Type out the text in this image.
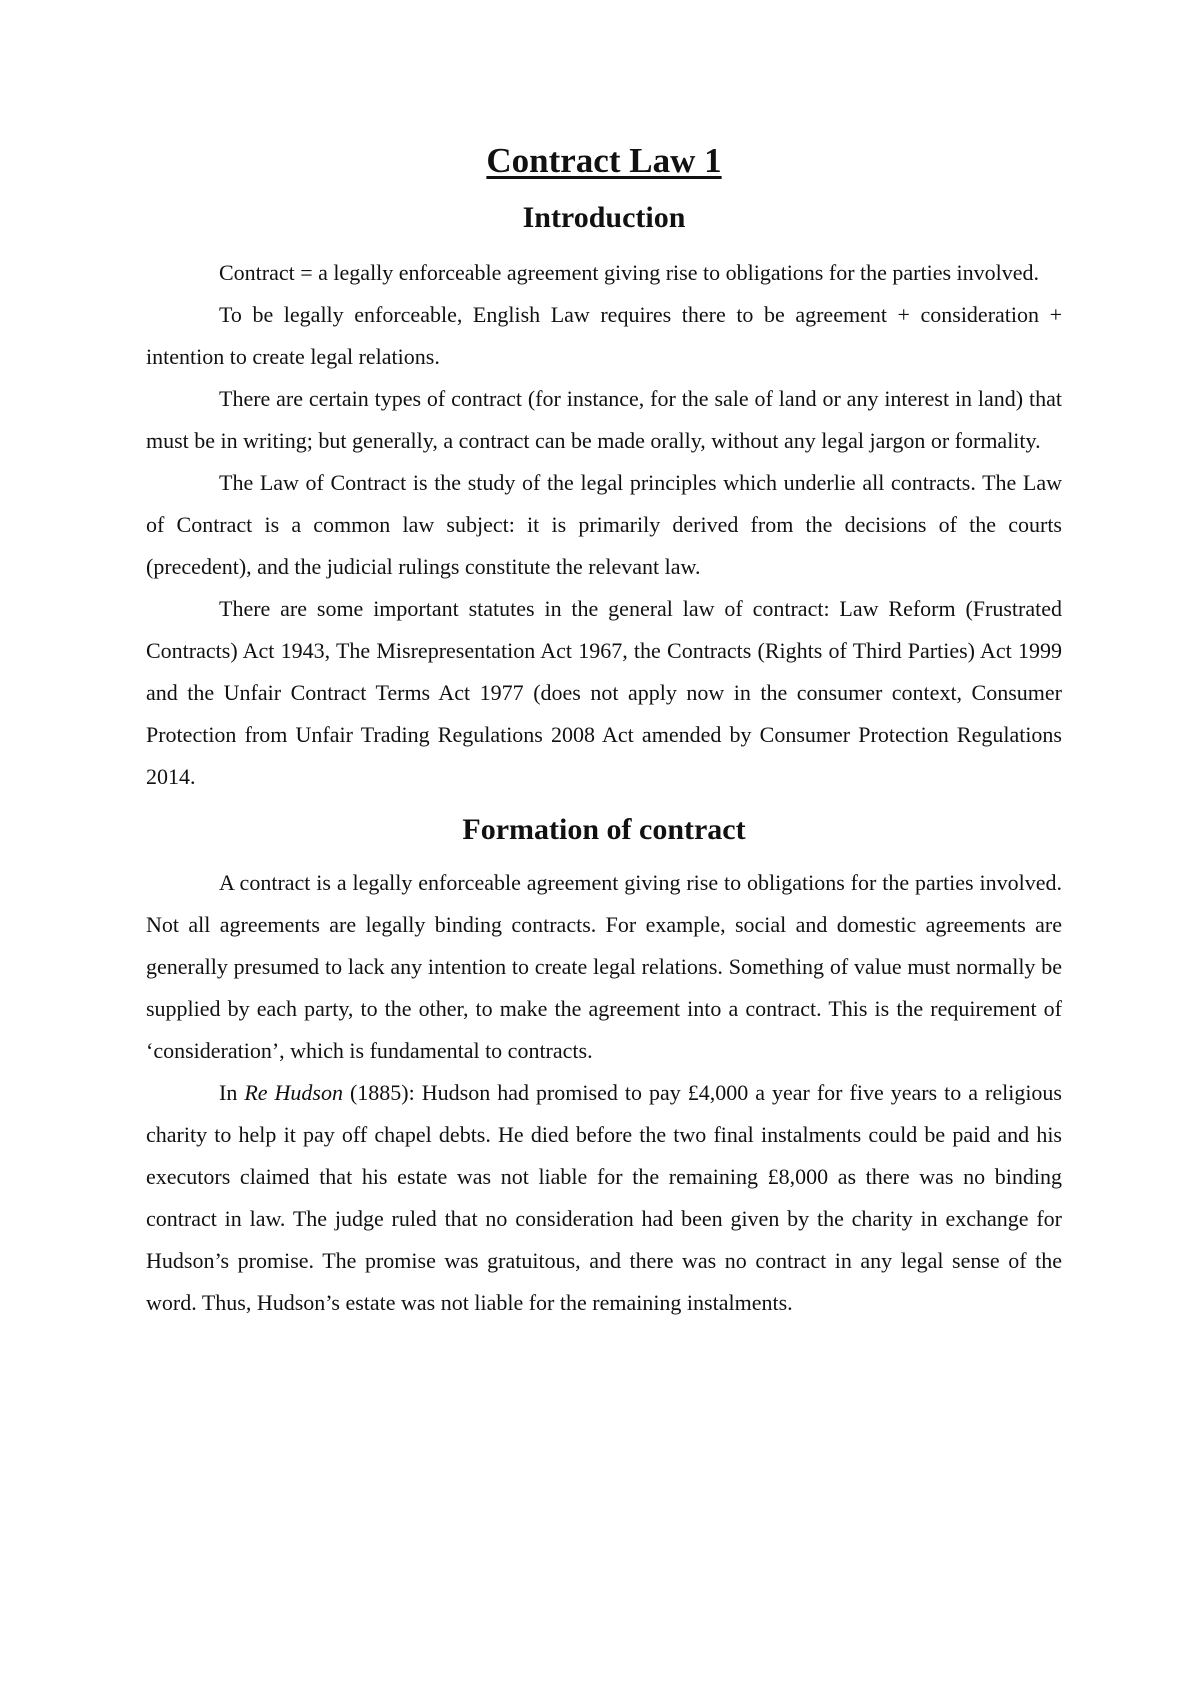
Contract Law 1
Introduction

Contract = a legally enforceable agreement giving rise to obligations for the parties involved.

To be legally enforceable, English Law requires there to be agreement + consideration + intention to create legal relations.

There are certain types of contract (for instance, for the sale of land or any interest in land) that must be in writing; but generally, a contract can be made orally, without any legal jargon or formality.

The Law of Contract is the study of the legal principles which underlie all contracts. The Law of Contract is a common law subject: it is primarily derived from the decisions of the courts (precedent), and the judicial rulings constitute the relevant law.

There are some important statutes in the general law of contract: Law Reform (Frustrated Contracts) Act 1943, The Misrepresentation Act 1967, the Contracts (Rights of Third Parties) Act 1999 and the Unfair Contract Terms Act 1977 (does not apply now in the consumer context, Consumer Protection from Unfair Trading Regulations 2008 Act amended by Consumer Protection Regulations 2014.

Formation of contract

A contract is a legally enforceable agreement giving rise to obligations for the parties involved. Not all agreements are legally binding contracts. For example, social and domestic agreements are generally presumed to lack any intention to create legal relations. Something of value must normally be supplied by each party, to the other, to make the agreement into a contract. This is the requirement of ‘consideration’, which is fundamental to contracts.

In Re Hudson (1885): Hudson had promised to pay £4,000 a year for five years to a religious charity to help it pay off chapel debts. He died before the two final instalments could be paid and his executors claimed that his estate was not liable for the remaining £8,000 as there was no binding contract in law. The judge ruled that no consideration had been given by the charity in exchange for Hudson’s promise. The promise was gratuitous, and there was no contract in any legal sense of the word. Thus, Hudson’s estate was not liable for the remaining instalments.
